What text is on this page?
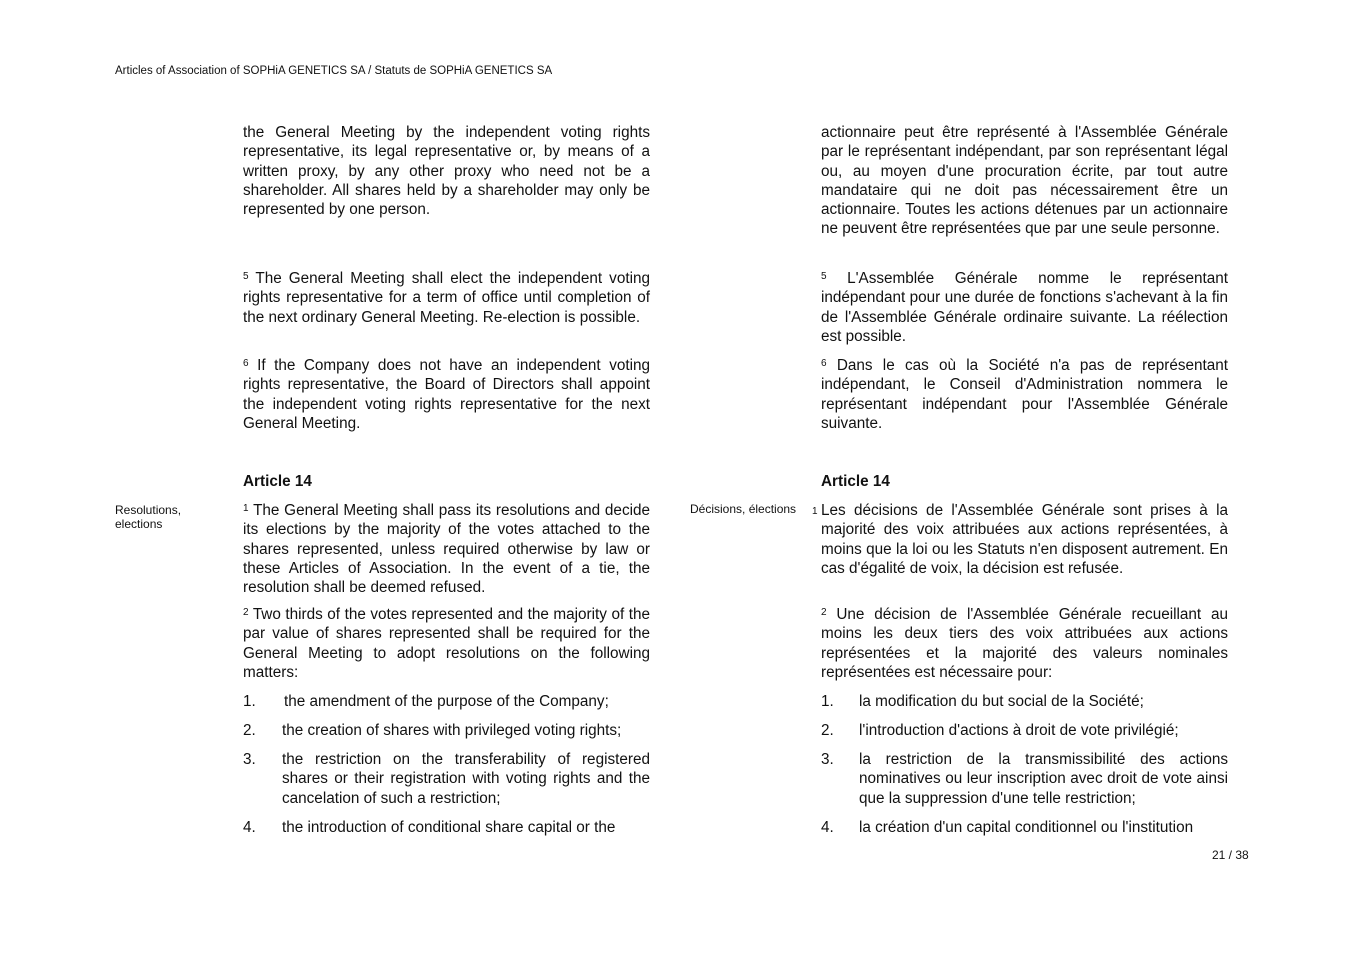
Articles of Association of SOPHiA GENETICS SA / Statuts de SOPHiA GENETICS SA
the General Meeting by the independent voting rights representative, its legal representative or, by means of a written proxy, by any other proxy who need not be a shareholder. All shares held by a shareholder may only be represented by one person.
$^5$ The General Meeting shall elect the independent voting rights representative for a term of office until completion of the next ordinary General Meeting. Re-election is possible.
$^6$ If the Company does not have an independent voting rights representative, the Board of Directors shall appoint the independent voting rights representative for the next General Meeting.
Article 14
Resolutions,
elections
$^1$ The General Meeting shall pass its resolutions and decide its elections by the majority of the votes attached to the shares represented, unless required otherwise by law or these Articles of Association. In the event of a tie, the resolution shall be deemed refused.
$^2$ Two thirds of the votes represented and the majority of the par value of shares represented shall be required for the General Meeting to adopt resolutions on the following matters:
1. the amendment of the purpose of the Company;
2. the creation of shares with privileged voting rights;
3. the restriction on the transferability of registered shares or their registration with voting rights and the cancelation of such a restriction;
4. the introduction of conditional share capital or the
actionnaire peut être représenté à l'Assemblée Générale par le représentant indépendant, par son représentant légal ou, au moyen d'une procuration écrite, par tout autre mandataire qui ne doit pas nécessairement être un actionnaire. Toutes les actions détenues par un actionnaire ne peuvent être représentées que par une seule personne.
$^5$ L'Assemblée Générale nomme le représentant indépendant pour une durée de fonctions s'achevant à la fin de l'Assemblée Générale ordinaire suivante. La réélection est possible.
$^6$ Dans le cas où la Société n'a pas de représentant indépendant, le Conseil d'Administration nommera le représentant indépendant pour l'Assemblée Générale suivante.
Article 14
Décisions, élections 1 Les décisions de l'Assemblée Générale sont prises à la majorité des voix attribuées aux actions représentées, à moins que la loi ou les Statuts n'en disposent autrement. En cas d'égalité de voix, la décision est refusée.
$^2$ Une décision de l'Assemblée Générale recueillant au moins les deux tiers des voix attribuées aux actions représentées et la majorité des valeurs nominales représentées est nécessaire pour:
1. la modification du but social de la Société;
2. l'introduction d'actions à droit de vote privilégié;
3. la restriction de la transmissibilité des actions nominatives ou leur inscription avec droit de vote ainsi que la suppression d'une telle restriction;
4. la création d'un capital conditionnel ou l'institution
21 / 38
